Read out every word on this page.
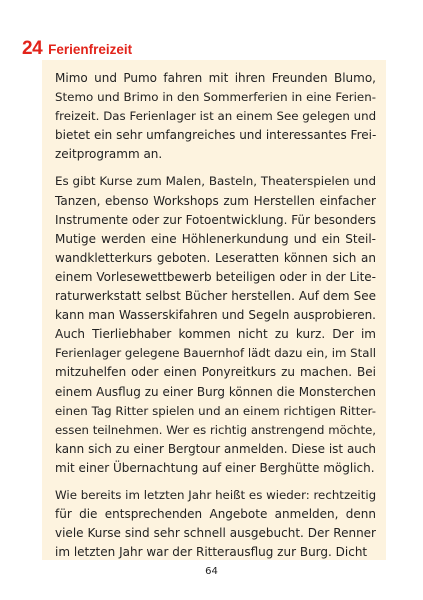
24 Ferienfreizeit

Mimo und Pumo fahren mit ihren Freunden Blumo,
Stemo und Brimo in den Sommerferien in eine Ferien-
freizeit. Das Ferienlager ist an einem See gelegen und
bietet ein sehr umfangreiches und interessantes Frei-
zeitprogramm an.

Es gibt Kurse zum Malen, Basteln, Theaterspielen und
Tanzen, ebenso Workshops zum Herstellen einfacher
Instrumente oder zur Fotoentwicklung. Für besonders
Mutige werden eine Höhlenerkundung und ein Steil-
wandkletterkurs geboten. Leseratten können sich an
einem Vorlesewettbewerb beteiligen oder in der Lite-
raturwerkstatt selbst Bücher herstellen. Auf dem See
kann man Wasserskifahren und Segeln ausprobieren.
Auch Tierliebhaber kommen nicht zu kurz. Der im
Ferienlager gelegene Bauernhof lädt dazu ein, im Stall
mitzuhelfen oder einen Ponyreitkurs zu machen. Bei
einem Ausflug zu einer Burg können die Monsterchen
einen Tag Ritter spielen und an einem richtigen Ritter-
essen teilnehmen. Wer es richtig anstrengend möchte,
kann sich zu einer Bergtour anmelden. Diese ist auch
mit einer Übernachtung auf einer Berghütte möglich.

Wie bereits im letzten Jahr heißt es wieder: rechtzeitig
für die entsprechenden Angebote anmelden, denn
viele Kurse sind sehr schnell ausgebucht. Der Renner
im letzten Jahr war der Ritterausflug zur Burg. Dicht

64
